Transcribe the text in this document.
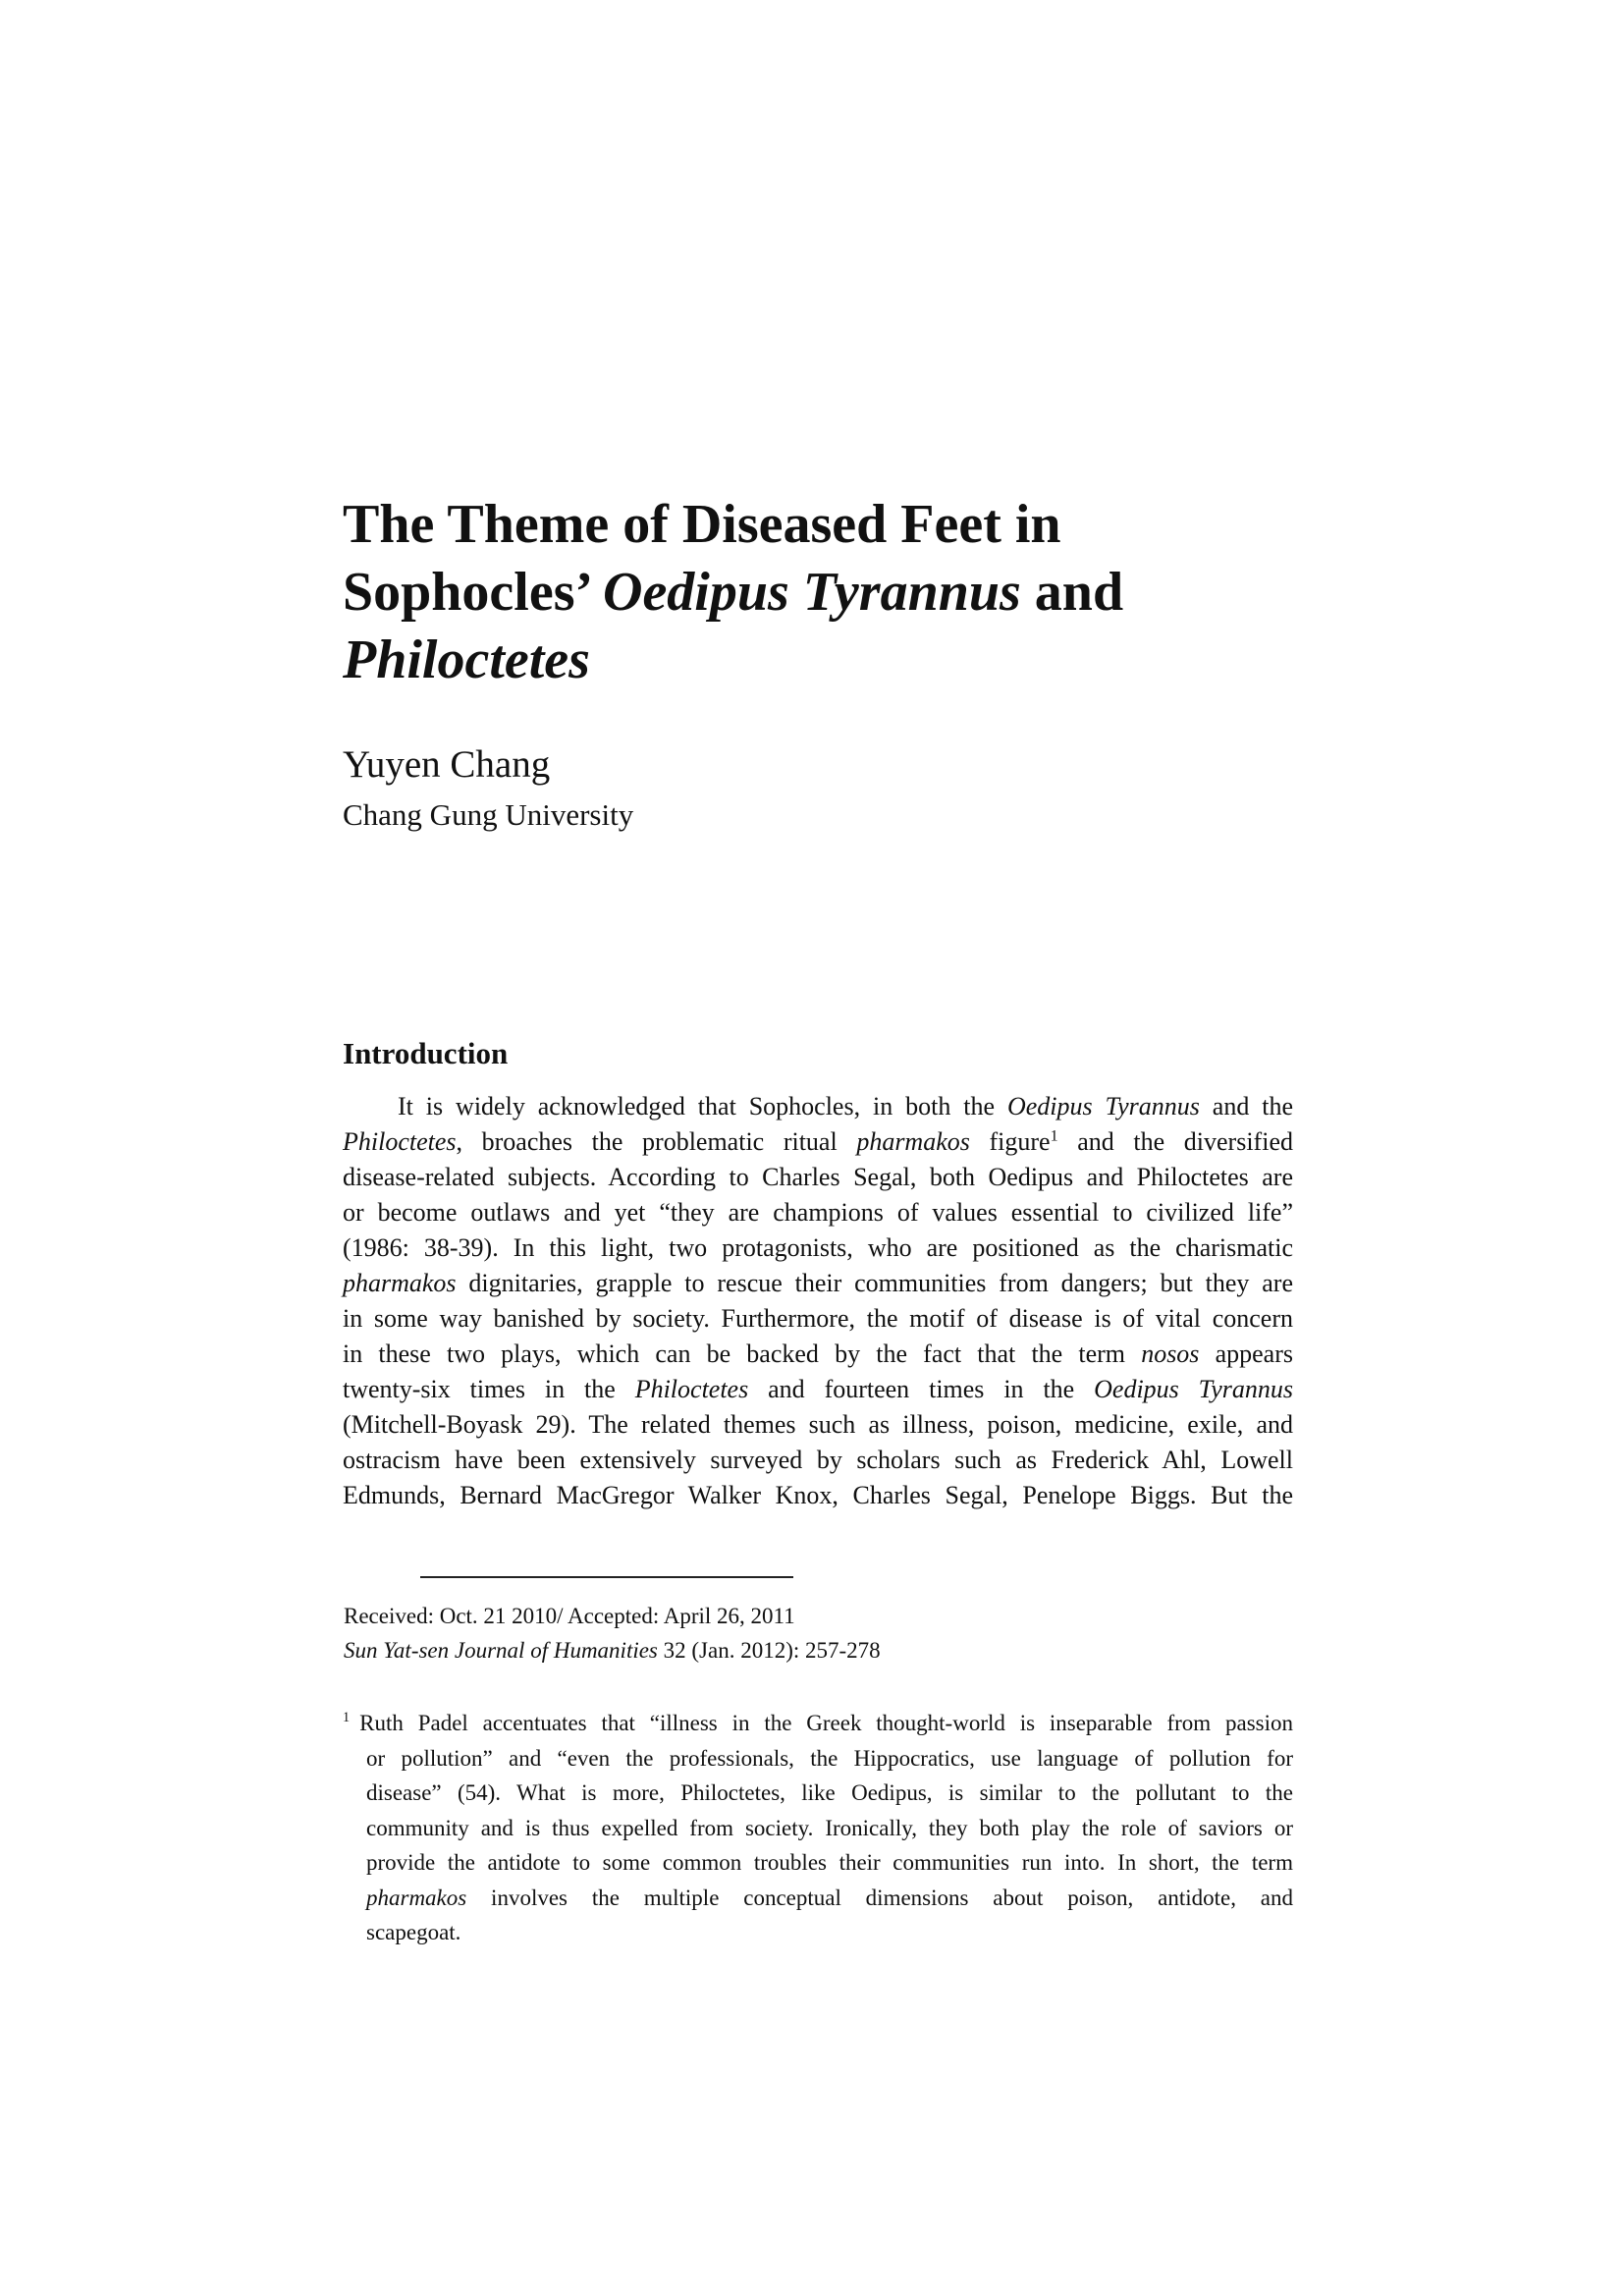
The Theme of Diseased Feet in
Sophocles’ Oedipus Tyrannus and
Philoctetes

Yuyen Chang

Chang Gung University

Introduction
It is widely acknowledged that Sophocles, in both the Oedipus Tyrannus and the
Philoctetes, broaches the problematic ritual pharmakos figure$^1$ and the diversified
disease-related subjects. According to Charles Segal, both Oedipus and Philoctetes are
or become outlaws and yet “they are champions of values essential to civilized life”
(1986: 38-39). In this light, two protagonists, who are positioned as the charismatic
pharmakos dignitaries, grapple to rescue their communities from dangers; but they are
in some way banished by society. Furthermore, the motif of disease is of vital concern
in these two plays, which can be backed by the fact that the term nosos appears
twenty-six times in the Philoctetes and fourteen times in the Oedipus Tyrannus
(Mitchell-Boyask 29). The related themes such as illness, poison, medicine, exile, and
ostracism have been extensively surveyed by scholars such as Frederick Ahl, Lowell
Edmunds, Bernard MacGregor Walker Knox, Charles Segal, Penelope Biggs. But the
Received: Oct. 21 2010/ Accepted: April 26, 2011
Sun Yat-sen Journal of Humanities 32 (Jan. 2012): 257-278
$^1$ Ruth Padel accentuates that “illness in the Greek thought-world is inseparable from passion
or pollution” and “even the professionals, the Hippocratics, use language of pollution for
disease” (54). What is more, Philoctetes, like Oedipus, is similar to the pollutant to the
community and is thus expelled from society. Ironically, they both play the role of saviors or
provide the antidote to some common troubles their communities run into. In short, the term
pharmakos involves the multiple conceptual dimensions about poison, antidote, and
scapegoat.
